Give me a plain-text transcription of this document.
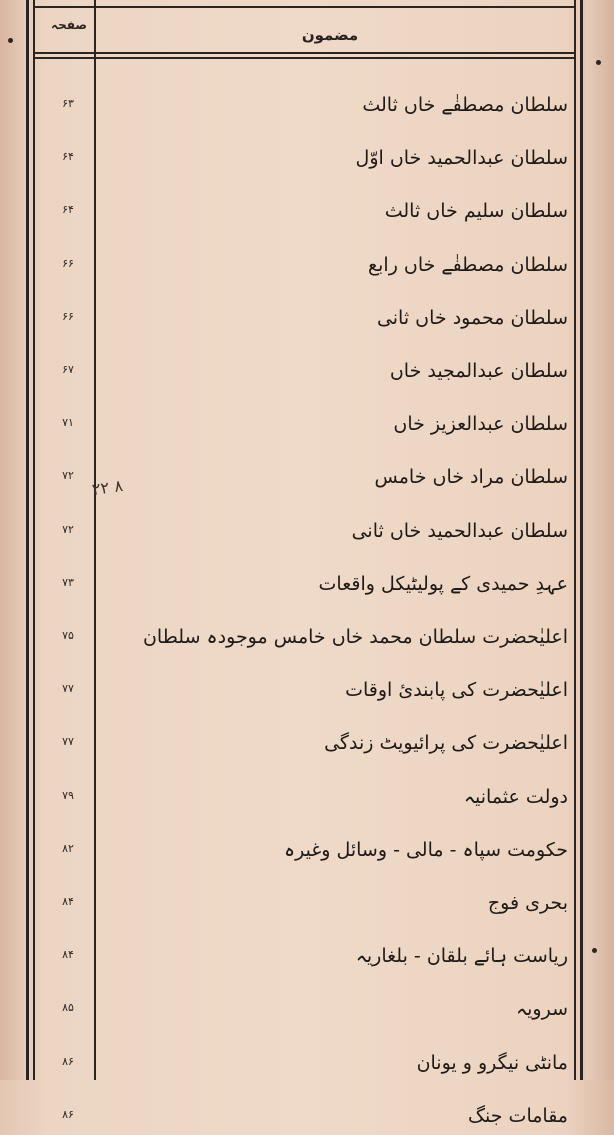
مضمون
صفحہ
۸ ۲۲
سلطان مصطفٰے خاں ثالث
۶۳
سلطان عبدالحمید خاں اوّل
۶۴
سلطان سلیم خاں ثالث
۶۴
سلطان مصطفٰے خاں رابع
۶۶
سلطان محمود خاں ثانی
۶۶
سلطان عبدالمجید خاں
۶۷
سلطان عبدالعزیز خاں
۷۱
سلطان مراد خاں خامس
۷۲
سلطان عبدالحمید خاں ثانی
۷۲
عہدِ حمیدی کے پولیٹیکل واقعات
۷۳
اعلیٰحضرت سلطان محمد خاں خامس موجودہ سلطان
۷۵
اعلیٰحضرت کی پابندیٔ اوقات
۷۷
اعلیٰحضرت کی پرائیویٹ زندگی
۷۷
دولت عثمانیہ
۷۹
حکومت سپاہ - مالی - وسائل وغیرہ
۸۲
بحری فوج
۸۴
ریاست ہائے بلقان - بلغاریہ
۸۴
سرویہ
۸۵
مانٹی نیگرو و یونان
۸۶
مقامات جنگ
۸۶
